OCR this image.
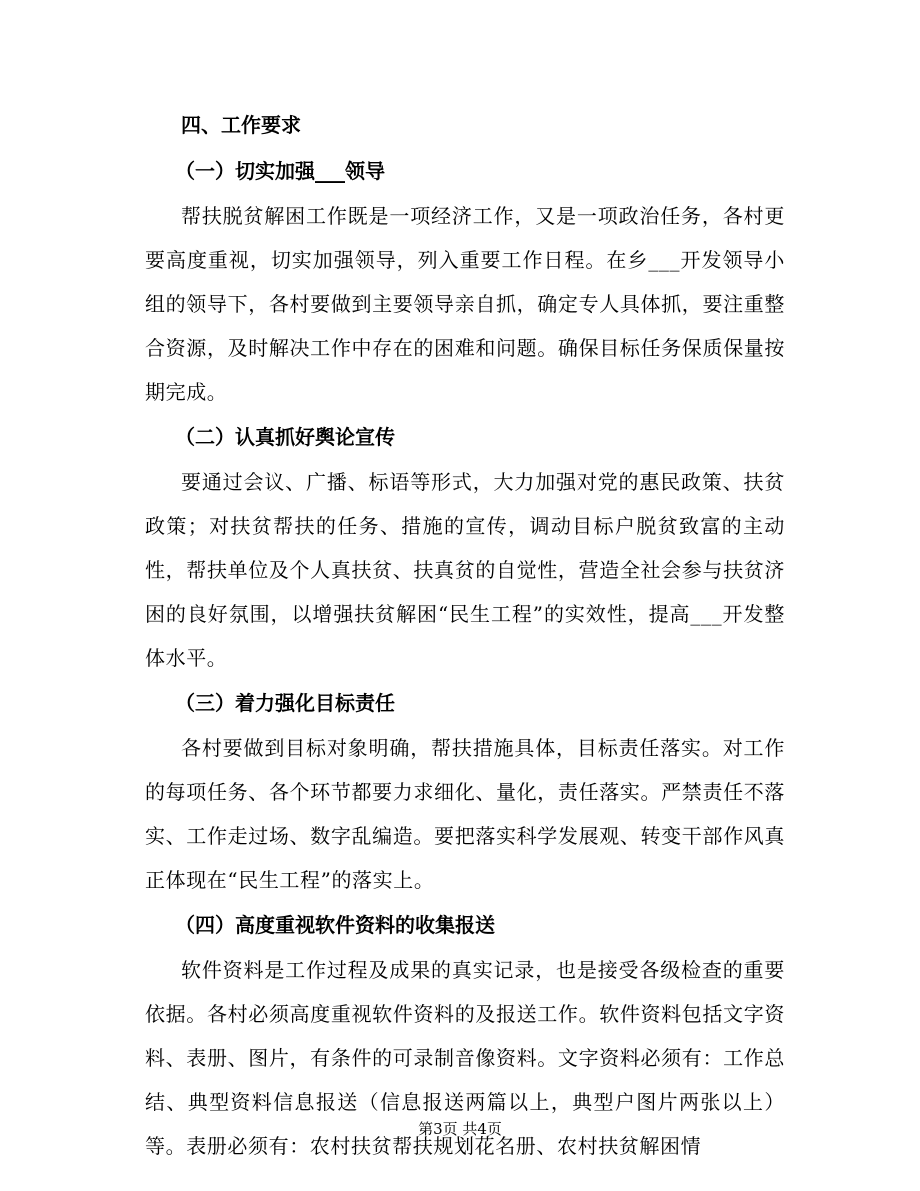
四、工作要求
（一）切实加强___领导

帮扶脱贫解困工作既是一项经济工作，又是一项政治任务，各村更要高度重视，切实加强领导，列入重要工作日程。在乡___开发领导小组的领导下，各村要做到主要领导亲自抓，确定专人具体抓，要注重整合资源，及时解决工作中存在的困难和问题。确保目标任务保质保量按期完成。

（二）认真抓好舆论宣传

要通过会议、广播、标语等形式，大力加强对党的惠民政策、扶贫政策；对扶贫帮扶的任务、措施的宣传，调动目标户脱贫致富的主动性，帮扶单位及个人真扶贫、扶真贫的自觉性，营造全社会参与扶贫济困的良好氛围，以增强扶贫解困“民生工程”的实效性，提高___开发整体水平。

（三）着力强化目标责任

各村要做到目标对象明确，帮扶措施具体，目标责任落实。对工作的每项任务、各个环节都要力求细化、量化，责任落实。严禁责任不落实、工作走过场、数字乱编造。要把落实科学发展观、转变干部作风真正体现在“民生工程”的落实上。

（四）高度重视软件资料的收集报送

软件资料是工作过程及成果的真实记录，也是接受各级检查的重要依据。各村必须高度重视软件资料的及报送工作。软件资料包括文字资料、表册、图片，有条件的可录制音像资料。文字资料必须有：工作总结、典型资料信息报送（信息报送两篇以上，典型户图片两张以上）等。表册必须有：农村扶贫帮扶规划花名册、农村扶贫解困情

第3页 共4页
